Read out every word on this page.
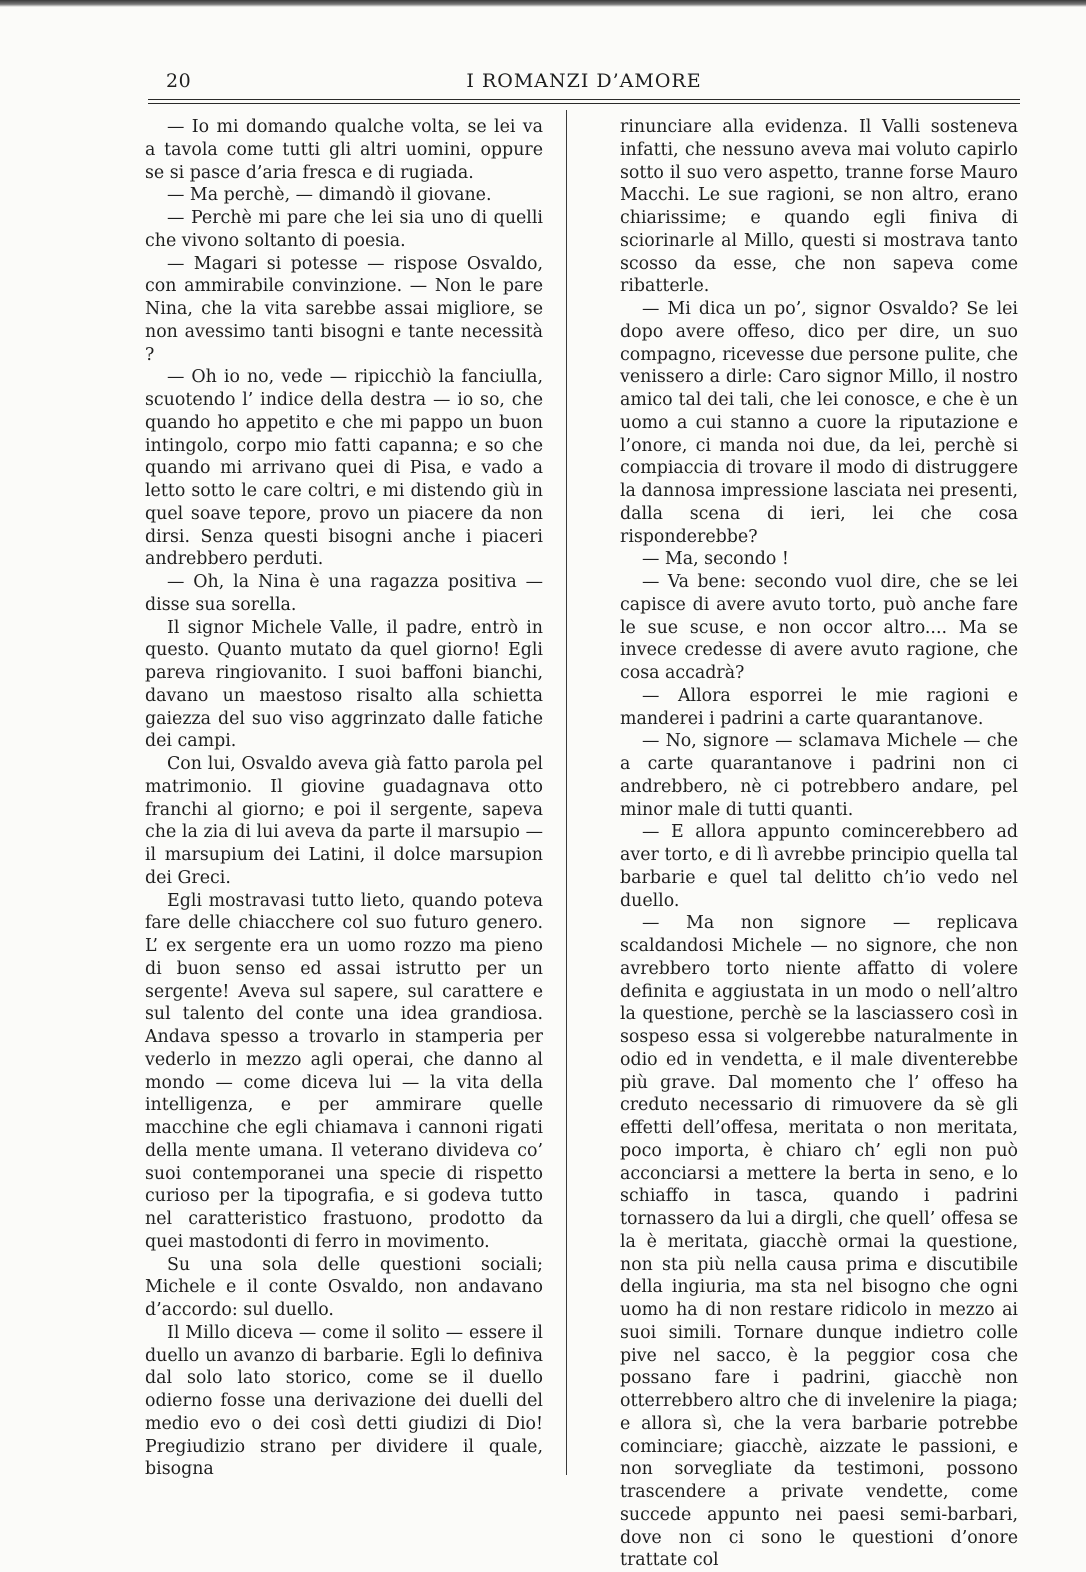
20	I ROMANZI D’AMORE

— Io mi domando qualche volta, se lei va a tavola come tutti gli altri uomini, oppure se si pasce d’aria fresca e di rugiada.

— Ma perchè, — dimandò il giovane.

— Perchè mi pare che lei sia uno di quelli che vivono soltanto di poesia.

— Magari si potesse — rispose Osvaldo, con ammirabile convinzione. — Non le pare Nina, che la vita sarebbe assai migliore, se non avessimo tanti bisogni e tante necessità ?

— Oh io no, vede — ripicchiò la fanciulla, scuotendo l’ indice della destra — io so, che quando ho appetito e che mi pappo un buon intingolo, corpo mio fatti capanna; e so che quando mi arrivano quei di Pisa, e vado a letto sotto le care coltri, e mi distendo giù in quel soave tepore, provo un piacere da non dirsi. Senza questi bisogni anche i piaceri andrebbero perduti.

— Oh, la Nina è una ragazza positiva — disse sua sorella.

Il signor Michele Valle, il padre, entrò in questo. Quanto mutato da quel giorno! Egli pareva ringiovanito. I suoi baffoni bianchi, davano un maestoso risalto alla schietta gaiezza del suo viso aggrinzato dalle fatiche dei campi.

Con lui, Osvaldo aveva già fatto parola pel matrimonio. Il giovine guadagnava otto franchi al giorno; e poi il sergente, sapeva che la zia di lui aveva da parte il marsupio — il marsupium dei Latini, il dolce marsupion dei Greci.

Egli mostravasi tutto lieto, quando poteva fare delle chiacchere col suo futuro genero. L’ ex sergente era un uomo rozzo ma pieno di buon senso ed assai istrutto per un sergente! Aveva sul sapere, sul carattere e sul talento del conte una idea grandiosa. Andava spesso a trovarlo in stamperia per vederlo in mezzo agli operai, che danno al mondo — come diceva lui — la vita della intelligenza, e per ammirare quelle macchine che egli chiamava i cannoni rigati della mente umana. Il veterano divideva co’ suoi contemporanei una specie di rispetto curioso per la tipografia, e si godeva tutto nel caratteristico frastuono, prodotto da quei mastodonti di ferro in movimento.

Su una sola delle questioni sociali; Michele e il conte Osvaldo, non andavano d’accordo: sul duello.

Il Millo diceva — come il solito — essere il duello un avanzo di barbarie. Egli lo definiva dal solo lato storico, come se il duello odierno fosse una derivazione dei duelli del medio evo o dei così detti giudizi di Dio! Pregiudizio strano per dividere il quale, bisogna

rinunciare alla evidenza. Il Valli sosteneva infatti, che nessuno aveva mai voluto capirlo sotto il suo vero aspetto, tranne forse Mauro Macchi. Le sue ragioni, se non altro, erano chiarissime; e quando egli finiva di sciorinarle al Millo, questi si mostrava tanto scosso da esse, che non sapeva come ribatterle.

— Mi dica un po’, signor Osvaldo? Se lei dopo avere offeso, dico per dire, un suo compagno, ricevesse due persone pulite, che venissero a dirle: Caro signor Millo, il nostro amico tal dei tali, che lei conosce, e che è un uomo a cui stanno a cuore la riputazione e l’onore, ci manda noi due, da lei, perchè si compiaccia di trovare il modo di distruggere la dannosa impressione lasciata nei presenti, dalla scena di ieri, lei che cosa risponderebbe?

— Ma, secondo !

— Va bene: secondo vuol dire, che se lei capisce di avere avuto torto, può anche fare le sue scuse, e non occor altro.... Ma se invece credesse di avere avuto ragione, che cosa accadrà?

— Allora esporrei le mie ragioni e manderei i padrini a carte quarantanove.

— No, signore — sclamava Michele — che a carte quarantanove i padrini non ci andrebbero, nè ci potrebbero andare, pel minor male di tutti quanti.

— E allora appunto comincerebbero ad aver torto, e di lì avrebbe principio quella tal barbarie e quel tal delitto ch’io vedo nel duello.

— Ma non signore — replicava scaldandosi Michele — no signore, che non avrebbero torto niente affatto di volere definita e aggiustata in un modo o nell’altro la questione, perchè se la lasciassero così in sospeso essa si volgerebbe naturalmente in odio ed in vendetta, e il male diventerebbe più grave. Dal momento che l’ offeso ha creduto necessario di rimuovere da sè gli effetti dell’offesa, meritata o non meritata, poco importa, è chiaro ch’ egli non può acconciarsi a mettere la berta in seno, e lo schiaffo in tasca, quando i padrini tornassero da lui a dirgli, che quell’ offesa se la è meritata, giacchè ormai la questione, non sta più nella causa prima e discutibile della ingiuria, ma sta nel bisogno che ogni uomo ha di non restare ridicolo in mezzo ai suoi simili. Tornare dunque indietro colle pive nel sacco, è la peggior cosa che possano fare i padrini, giacchè non otterrebbero altro che di invelenire la piaga; e allora sì, che la vera barbarie potrebbe cominciare; giacchè, aizzate le passioni, e non sorvegliate da testimoni, possono trascendere a private vendette, come succede appunto nei paesi semi-barbari, dove non ci sono le questioni d’onore trattate col
